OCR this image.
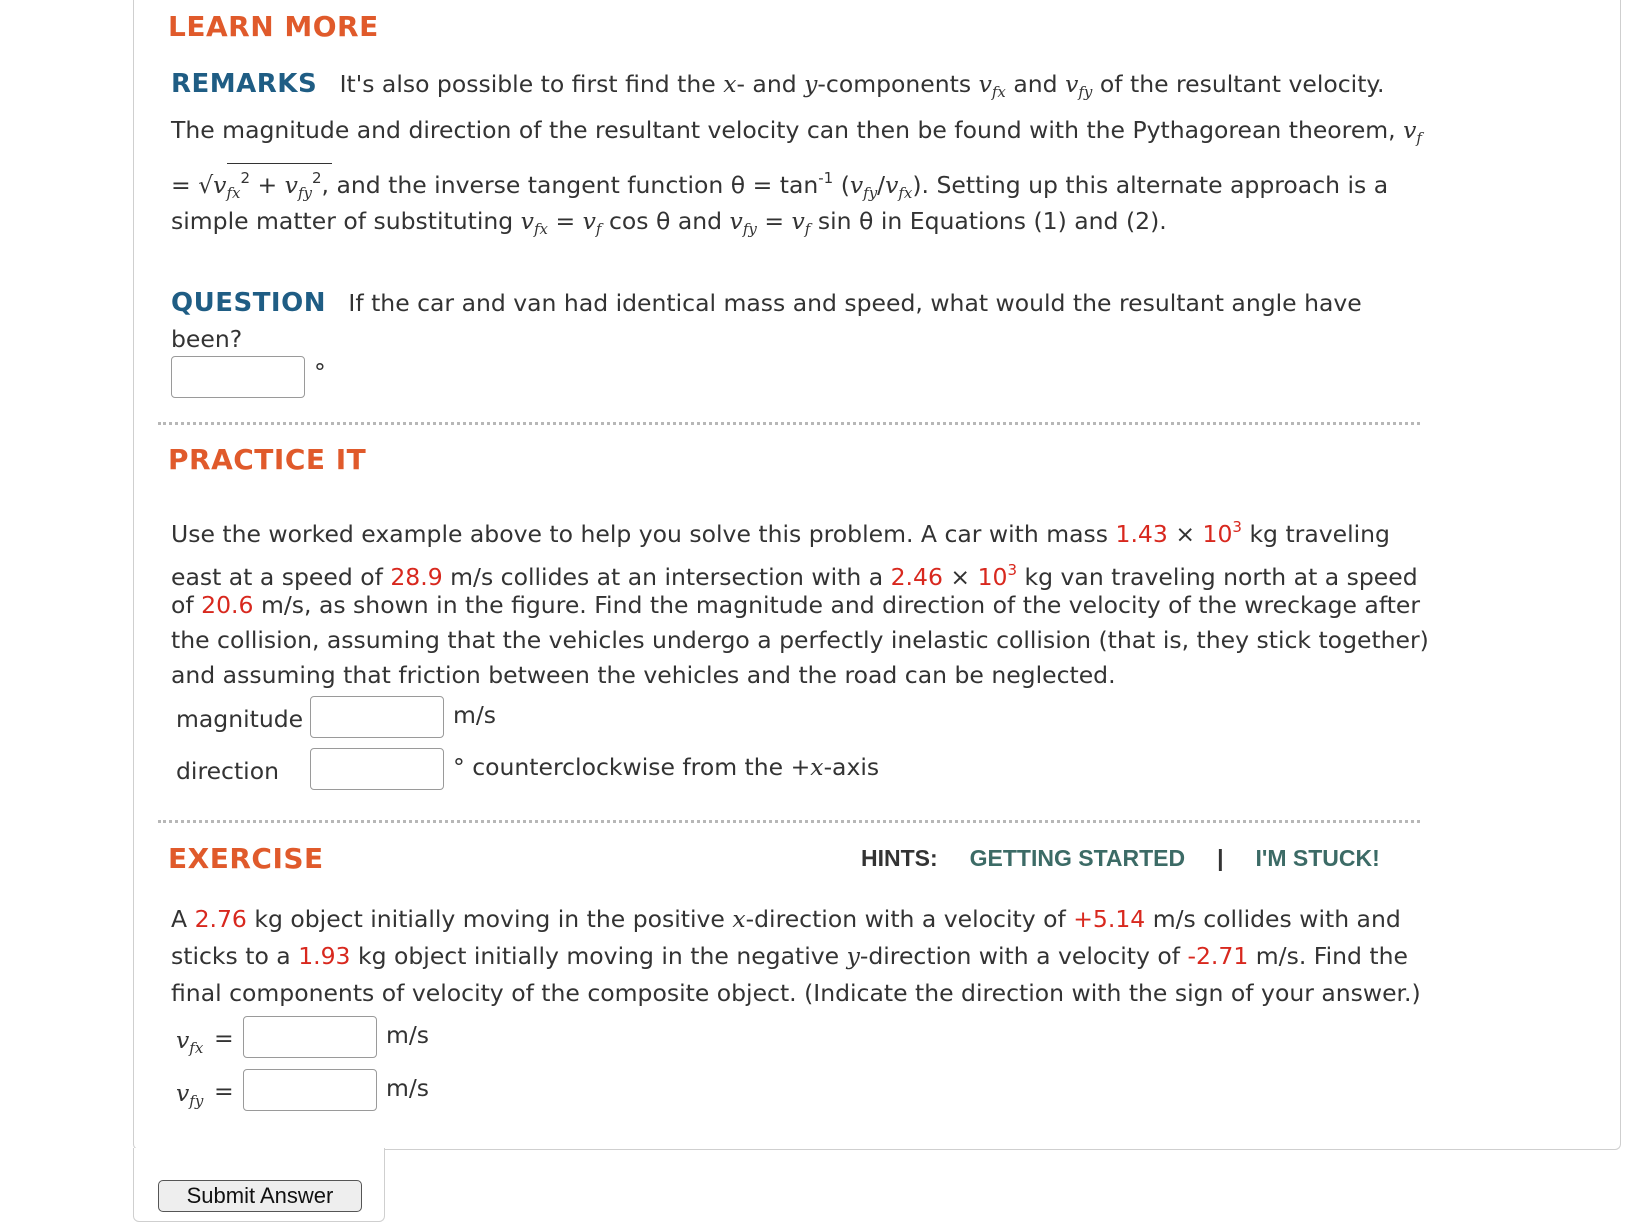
LEARN MORE
REMARKS It's also possible to first find the x- and y-components $v_{fx}$ and $v_{fy}$ of the resultant velocity.
The magnitude and direction of the resultant velocity can then be found with the Pythagorean theorem, $v_f$
= $√v_{fx}^2 + v_{fy}^2$, and the inverse tangent function $\theta = \tan^{-1} (v_{fy}/v_{fx})$. Setting up this alternate approach is a
simple matter of substituting $v_{fx} = v_f$ cos θ and $v_{fy} = v_f$ sin θ in Equations (1) and (2).
QUESTION If the car and van had identical mass and speed, what would the resultant angle have
been?
°
PRACTICE IT
Use the worked example above to help you solve this problem. A car with mass $1.43 \times 10^3$ kg traveling
east at a speed of 28.9 m/s collides at an intersection with a $2.46 \times 10^3$ kg van traveling north at a speed
of 20.6 m/s, as shown in the figure. Find the magnitude and direction of the velocity of the wreckage after
the collision, assuming that the vehicles undergo a perfectly inelastic collision (that is, they stick together)
and assuming that friction between the vehicles and the road can be neglected.
magnitude	m/s
direction	° counterclockwise from the +x-axis
EXERCISE	HINTS: GETTING STARTED | I'M STUCK!
A 2.76 kg object initially moving in the positive x-direction with a velocity of +5.14 m/s collides with and
sticks to a 1.93 kg object initially moving in the negative y-direction with a velocity of -2.71 m/s. Find the
final components of velocity of the composite object. (Indicate the direction with the sign of your answer.)
$v_{fx}$ =	m/s
$v_{fy}$ =	m/s
Submit Answer
